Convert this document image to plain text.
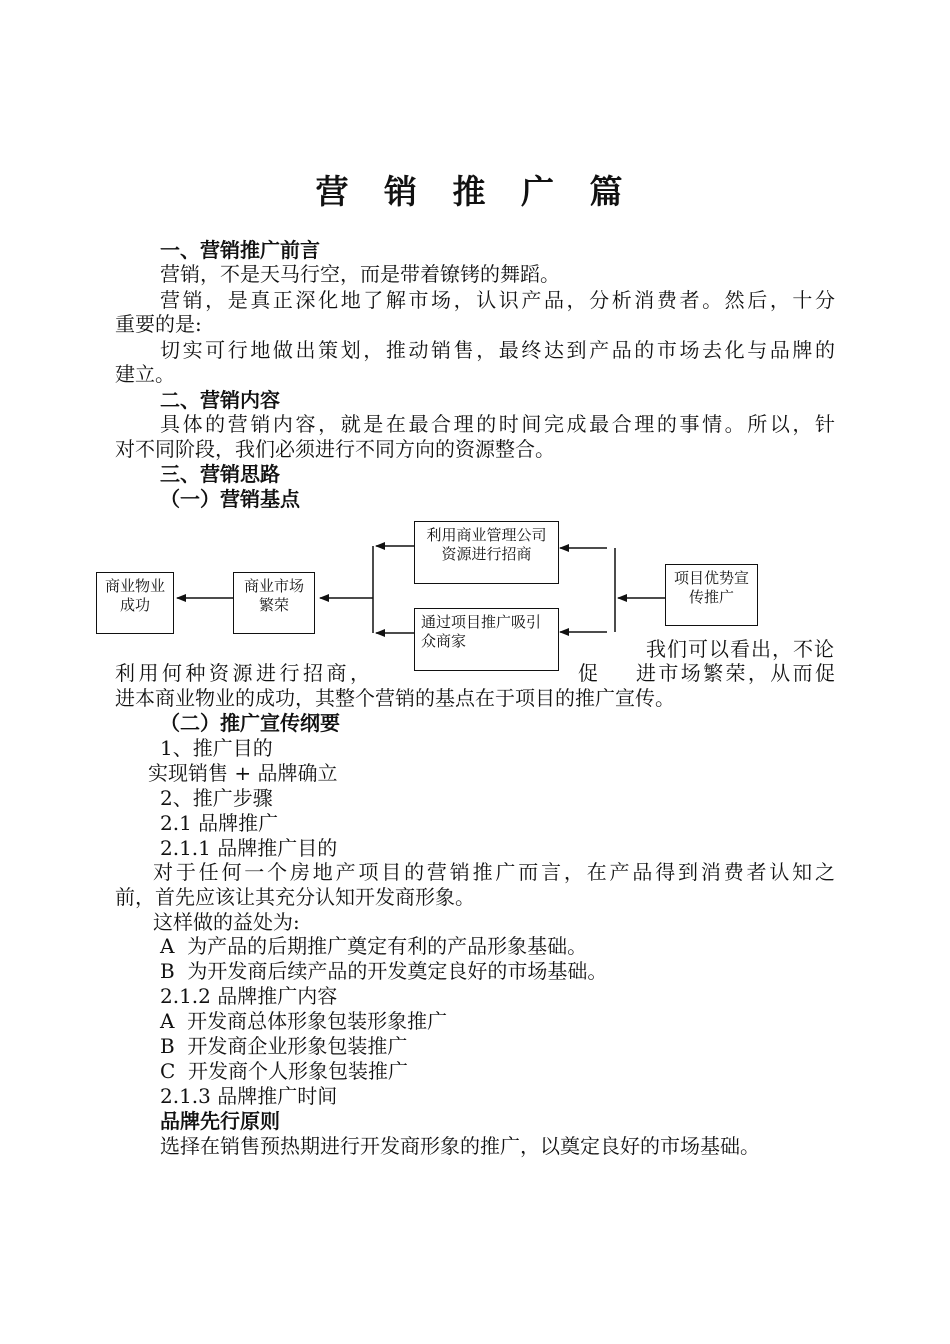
营 销 推 广 篇
一、营销推广前言
营销，不是天马行空，而是带着镣铐的舞蹈。
营销，是真正深化地了解市场，认识产品，分析消费者。然后，十分
重要的是:
切实可行地做出策划，推动销售，最终达到产品的市场去化与品牌的
建立。
二、营销内容
具体的营销内容，就是在最合理的时间完成最合理的事情。所以，针
对不同阶段，我们必须进行不同方向的资源整合。
三、营销思路
（一）营销基点
商业物业成功
商业市场繁荣
利用商业管理公司资源进行招商
通过项目推广吸引众商家
项目优势宣传推广
我们可以看出，不论
利用何种资源进行招商，	促 进市场繁荣，从而促
进本商业物业的成功，其整个营销的基点在于项目的推广宣传。
（二）推广宣传纲要
1、推广目的
实现销售 + 品牌确立
2、推广步骤
2.1 品牌推广
2.1.1 品牌推广目的
对于任何一个房地产项目的营销推广而言，在产品得到消费者认知之
前，首先应该让其充分认知开发商形象。
这样做的益处为:
A  为产品的后期推广奠定有利的产品形象基础。
B  为开发商后续产品的开发奠定良好的市场基础。
2.1.2 品牌推广内容
A  开发商总体形象包装形象推广
B  开发商企业形象包装推广
C  开发商个人形象包装推广
2.1.3 品牌推广时间
品牌先行原则
选择在销售预热期进行开发商形象的推广，以奠定良好的市场基础。
